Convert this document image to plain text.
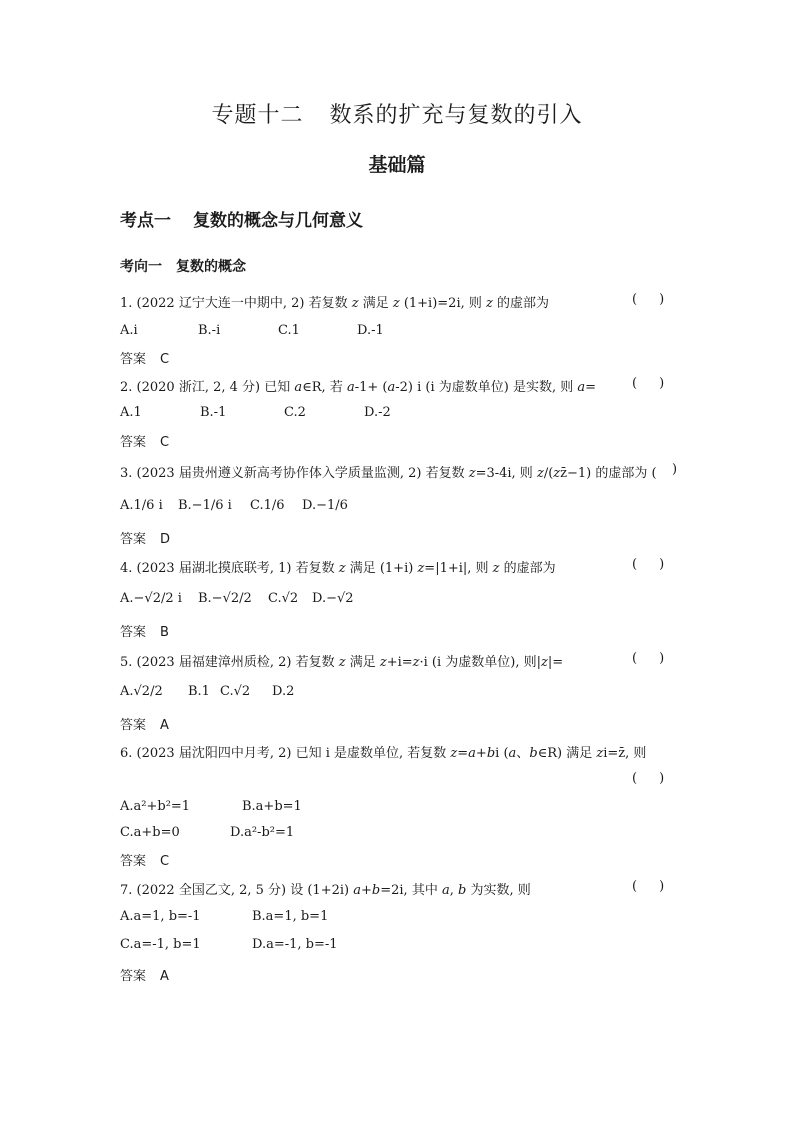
专题十二 数系的扩充与复数的引入
基础篇
考点一 复数的概念与几何意义
考向一 复数的概念
1. (2022 辽宁大连一中期中, 2) 若复数 z 满足 z (1+i)=2i, 则 z 的虚部为	( )
A.i	B.-i	C.1	D.-1
答案 C
2. (2020 浙江, 2, 4 分) 已知 a∈R, 若 a-1+ (a-2) i (i 为虚数单位) 是实数, 则 a=	( )
A.1	B.-1	C.2	D.-2
答案 C
3. (2023 届贵州遵义新高考协作体入学质量监测, 2) 若复数 z=3-4i, 则 z/(zz̄−1) 的虚部为 ( )
A.1/6 i B.−1/6 i C.1/6 D.−1/6
答案 D
4. (2023 届湖北摸底联考, 1) 若复数 z 满足 (1+i) z=|1+i|, 则 z 的虚部为	( )
A.−√2/2 i B.−√2/2 C.√2 D.−√2
答案 B
5. (2023 届福建漳州质检, 2) 若复数 z 满足 z+i=z·i (i 为虚数单位), 则|z|=	( )
A.√2/2 B.1 C.√2 D.2
答案 A
6. (2023 届沈阳四中月考, 2) 已知 i 是虚数单位, 若复数 z=a+bi (a、b∈R) 满足 zi=z̄, 则
( )
A.a²+b²=1	B.a+b=1
C.a+b=0	D.a²-b²=1
答案 C
7. (2022 全国乙文, 2, 5 分) 设 (1+2i) a+b=2i, 其中 a, b 为实数, 则	( )
A.a=1, b=-1	B.a=1, b=1
C.a=-1, b=1	D.a=-1, b=-1
答案 A
